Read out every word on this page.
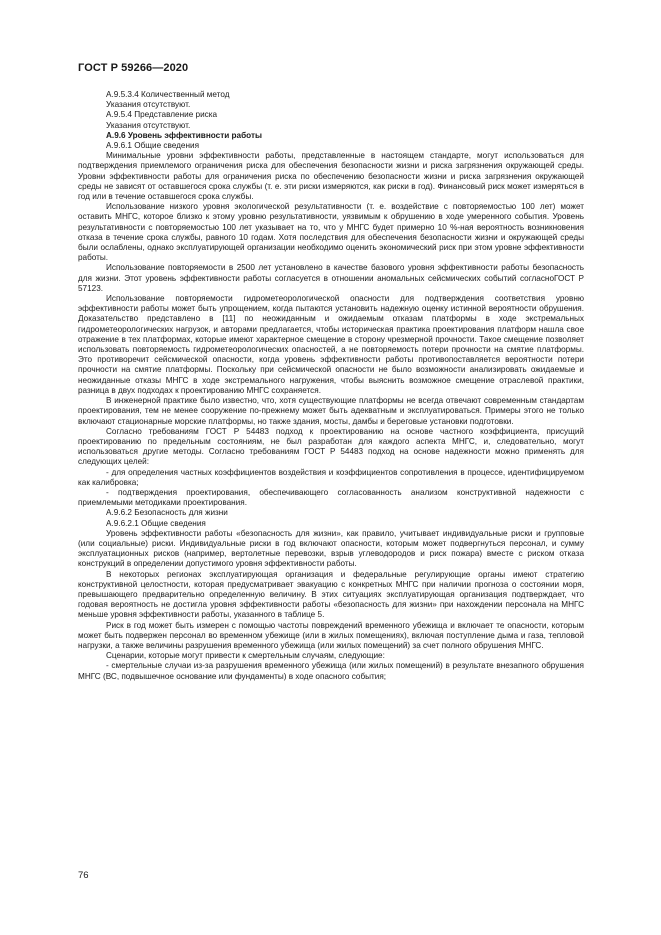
ГОСТ Р 59266—2020

А.9.5.3.4 Количественный метод

Указания отсутствуют.

А.9.5.4 Представление риска

Указания отсутствуют.

А.9.6 Уровень эффективности работы

А.9.6.1 Общие сведения

Минимальные уровни эффективности работы, представленные в настоящем стандарте, могут использоваться для подтверждения приемлемого ограничения риска для обеспечения безопасности жизни и риска загрязнения окружающей среды. Уровни эффективности работы для ограничения риска по обеспечению безопасности жизни и риска загрязнения окружающей среды не зависят от оставшегося срока службы (т. е. эти риски измеряются, как риски в год). Финансовый риск может измеряться в год или в течение оставшегося срока службы.

Использование низкого уровня экологической результативности (т. е. воздействие с повторяемостью 100 лет) может оставить МНГС, которое близко к этому уровню результативности, уязвимым к обрушению в ходе умеренного события. Уровень результативности с повторяемостью 100 лет указывает на то, что у МНГС будет примерно 10 %-ная вероятность возникновения отказа в течение срока службы, равного 10 годам. Хотя последствия для обеспечения безопасности жизни и окружающей среды были ослаблены, однако эксплуатирующей организации необходимо оценить экономический риск при этом уровне эффективности работы.

Использование повторяемости в 2500 лет установлено в качестве базового уровня эффективности работы безопасность для жизни. Этот уровень эффективности работы согласуется в отношении аномальных сейсмических событий согласноГОСТ Р 57123.

Использование повторяемости гидрометеорологической опасности для подтверждения соответствия уровню эффективности работы может быть упрощением, когда пытаются установить надежную оценку истинной вероятности обрушения. Доказательство представлено в [11] по неожиданным и ожидаемым отказам платформы в ходе экстремальных гидрометеорологических нагрузок, и авторами предлагается, чтобы историческая практика проектирования платформ нашла свое отражение в тех платформах, которые имеют характерное смещение в сторону чрезмерной прочности. Такое смещение позволяет использовать повторяемость гидрометеорологических опасностей, а не повторяемость потери прочности на смятие платформы. Это противоречит сейсмической опасности, когда уровень эффективности работы противопоставляется вероятности потери прочности на смятие платформы. Поскольку при сейсмической опасности не было возможности анализировать ожидаемые и неожиданные отказы МНГС в ходе экстремального нагружения, чтобы выяснить возможное смещение отраслевой практики, разница в двух подходах к проектированию МНГС сохраняется.

В инженерной практике было известно, что, хотя существующие платформы не всегда отвечают современным стандартам проектирования, тем не менее сооружение по-прежнему может быть адекватным и эксплуатироваться. Примеры этого не только включают стационарные морские платформы, но также здания, мосты, дамбы и береговые установки подготовки.

Согласно требованиям ГОСТ Р 54483 подход к проектированию на основе частного коэффициента, присущий проектированию по предельным состояниям, не был разработан для каждого аспекта МНГС, и, следовательно, могут использоваться другие методы. Согласно требованиям ГОСТ Р 54483 подход на основе надежности можно применять для следующих целей:

- для определения частных коэффициентов воздействия и коэффициентов сопротивления в процессе, идентифицируемом как калибровка;

- подтверждения проектирования, обеспечивающего согласованность анализом конструктивной надежности с приемлемыми методиками проектирования.

А.9.6.2 Безопасность для жизни

А.9.6.2.1 Общие сведения

Уровень эффективности работы «безопасность для жизни», как правило, учитывает индивидуальные риски и групповые (или социальные) риски. Индивидуальные риски в год включают опасности, которым может подвергнуться персонал, и сумму эксплуатационных рисков (например, вертолетные перевозки, взрыв углеводородов и риск пожара) вместе с риском отказа конструкций в определении допустимого уровня эффективности работы.

В некоторых регионах эксплуатирующая организация и федеральные регулирующие органы имеют стратегию конструктивной целостности, которая предусматривает эвакуацию с конкретных МНГС при наличии прогноза о состоянии моря, превышающего предварительно определенную величину. В этих ситуациях эксплуатирующая организация подтверждает, что годовая вероятность не достигла уровня эффективности работы «безопасность для жизни» при нахождении персонала на МНГС меньше уровня эффективности работы, указанного в таблице 5.

Риск в год может быть измерен с помощью частоты повреждений временного убежища и включает те опасности, которым может быть подвержен персонал во временном убежище (или в жилых помещениях), включая поступление дыма и газа, тепловой нагрузки, а также величины разрушения временного убежища (или жилых помещений) за счет полного обрушения МНГС.

Сценарии, которые могут привести к смертельным случаям, следующие:

- смертельные случаи из-за разрушения временного убежища (или жилых помещений) в результате внезапного обрушения МНГС (ВС, подвышечное основание или фундаменты) в ходе опасного события;

76
